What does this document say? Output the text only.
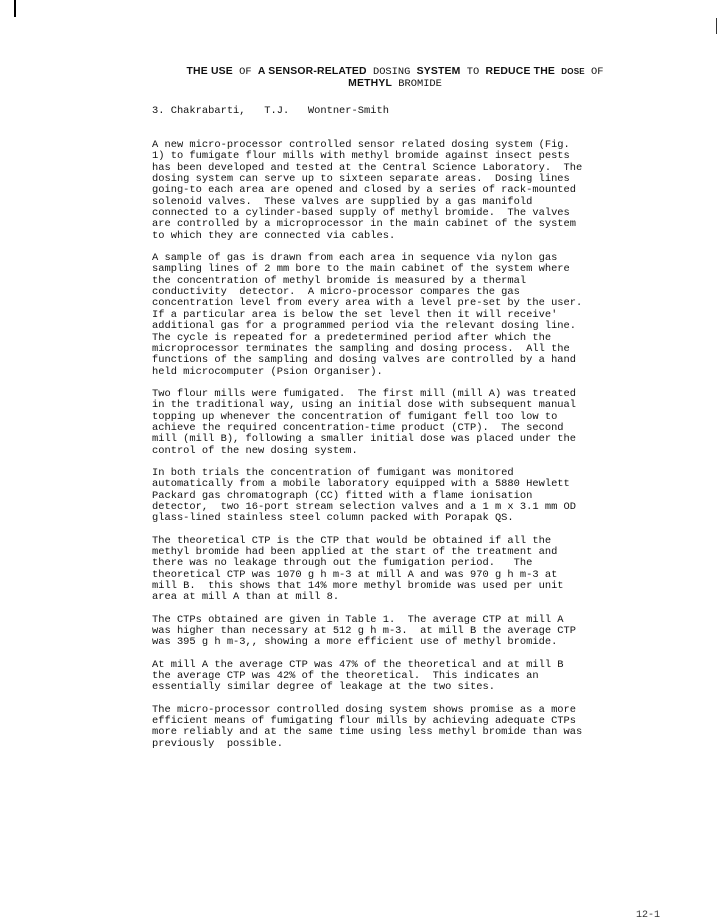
THE USE OF A SENSOR-RELATED DOSING SYSTEM TO REDUCE THE DOSE OF
METHYL BROMIDE
3. Chakrabarti,   T.J.   Wontner-Smith
A new micro-processor controlled sensor related dosing system (Fig.
1) to fumigate flour mills with methyl bromide against insect pests
has been developed and tested at the Central Science Laboratory.  The
dosing system can serve up to sixteen separate areas.  Dosing lines
going-to each area are opened and closed by a series of rack-mounted
solenoid valves.  These valves are supplied by a gas manifold
connected to a cylinder-based supply of methyl bromide.  The valves
are controlled by a microprocessor in the main cabinet of the system
to which they are connected via cables.
A sample of gas is drawn from each area in sequence via nylon gas
sampling lines of 2 mm bore to the main cabinet of the system where
the concentration of methyl bromide is measured by a thermal
conductivity  detector.  A micro-processor compares the gas
concentration level from every area with a level pre-set by the user.
If a particular area is below the set level then it will receive'
additional gas for a programmed period via the relevant dosing line.
The cycle is repeated for a predetermined period after which the
microprocessor terminates the sampling and dosing process.  All the
functions of the sampling and dosing valves are controlled by a hand
held microcomputer (Psion Organiser).
Two flour mills were fumigated.  The first mill (mill A) was treated
in the traditional way, using an initial dose with subsequent manual
topping up whenever the concentration of fumigant fell too low to
achieve the required concentration-time product (CTP).  The second
mill (mill B), following a smaller initial dose was placed under the
control of the new dosing system.
In both trials the concentration of fumigant was monitored
automatically from a mobile laboratory equipped with a 5880 Hewlett
Packard gas chromatograph (CC) fitted with a flame ionisation
detector,  two 16-port stream selection valves and a 1 m x 3.1 mm OD
glass-lined stainless steel column packed with Porapak QS.
The theoretical CTP is the CTP that would be obtained if all the
methyl bromide had been applied at the start of the treatment and
there was no leakage through out the fumigation period.   The
theoretical CTP was 1070 g h m-3 at mill A and was 970 g h m-3 at
mill B.  this shows that 14% more methyl bromide was used per unit
area at mill A than at mill 8.
The CTPs obtained are given in Table 1.  The average CTP at mill A
was higher than necessary at 512 g h m-3.  at mill B the average CTP
was 395 g h m-3,, showing a more efficient use of methyl bromide.
At mill A the average CTP was 47% of the theoretical and at mill B
the average CTP was 42% of the theoretical.  This indicates an
essentially similar degree of leakage at the two sites.
The micro-processor controlled dosing system shows promise as a more
efficient means of fumigating flour mills by achieving adequate CTPs
more reliably and at the same time using less methyl bromide than was
previously  possible.
12-1
